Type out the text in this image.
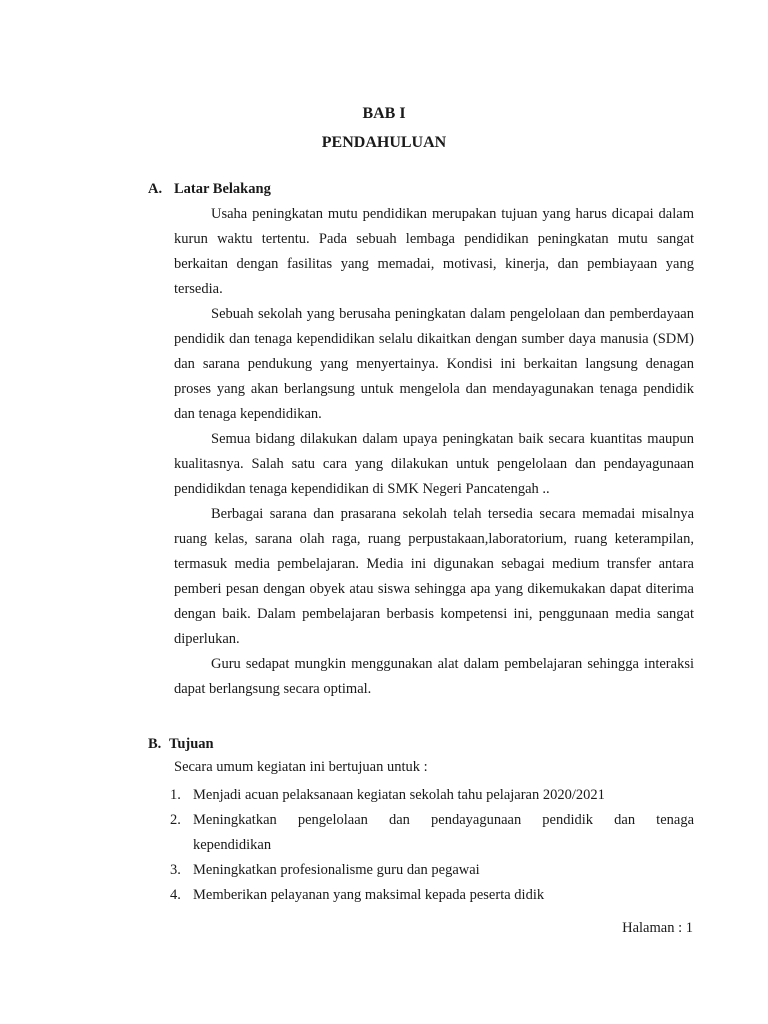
BAB I
PENDAHULUAN
A. Latar Belakang

Usaha peningkatan mutu pendidikan merupakan tujuan yang harus dicapai dalam kurun waktu tertentu. Pada sebuah lembaga pendidikan peningkatan mutu sangat berkaitan dengan fasilitas yang memadai, motivasi, kinerja, dan pembiayaan yang tersedia.

Sebuah sekolah yang berusaha peningkatan dalam pengelolaan dan pemberdayaan pendidik dan tenaga kependidikan selalu dikaitkan dengan sumber daya manusia (SDM) dan sarana pendukung yang menyertainya. Kondisi ini berkaitan langsung denagan proses yang akan berlangsung untuk mengelola dan mendayagunakan tenaga pendidik dan tenaga kependidikan.

Semua bidang dilakukan dalam upaya peningkatan baik secara kuantitas maupun kualitasnya. Salah satu cara yang dilakukan untuk pengelolaan dan pendayagunaan pendidikdan tenaga kependidikan di SMK Negeri Pancatengah ..

Berbagai sarana dan prasarana sekolah telah tersedia secara memadai misalnya ruang kelas, sarana olah raga, ruang perpustakaan,laboratorium, ruang keterampilan, termasuk media pembelajaran. Media ini digunakan sebagai medium transfer antara pemberi pesan dengan obyek atau siswa sehingga apa yang dikemukakan dapat diterima dengan baik. Dalam pembelajaran berbasis kompetensi ini, penggunaan media sangat diperlukan.

Guru sedapat mungkin menggunakan alat dalam pembelajaran sehingga interaksi dapat berlangsung secara optimal.

B. Tujuan
Secara umum kegiatan ini bertujuan untuk :
1. Menjadi acuan pelaksanaan kegiatan sekolah tahu pelajaran 2020/2021
2. Meningkatkan pengelolaan dan pendayagunaan pendidik dan tenaga
kependidikan
3. Meningkatkan profesionalisme guru dan pegawai
4. Memberikan pelayanan yang maksimal kepada peserta didik
Halaman : 1
